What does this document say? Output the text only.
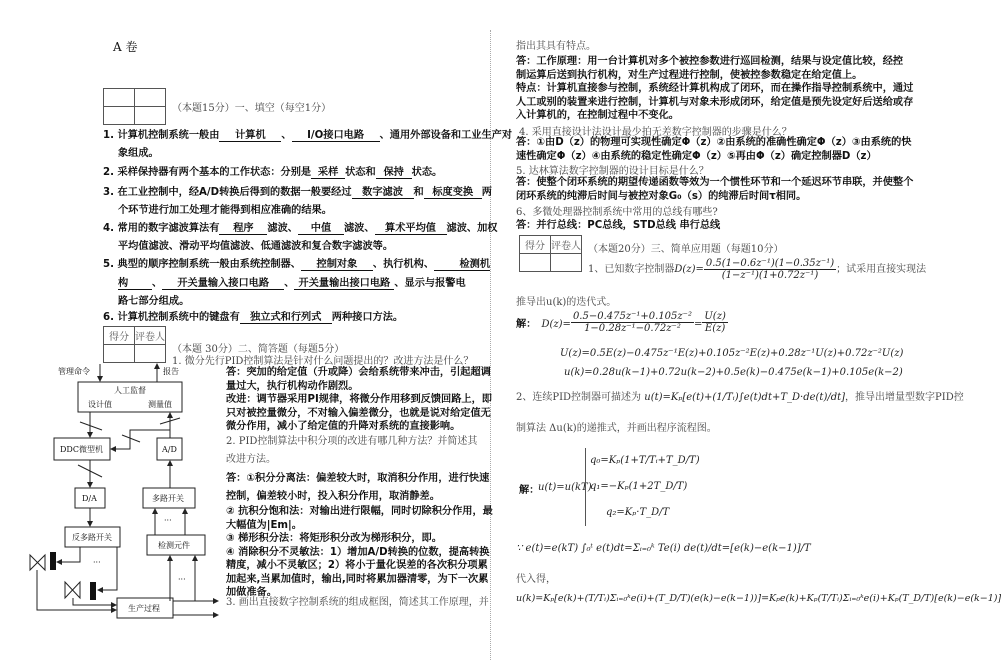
A 卷

（本题15分）一、填空（每空1分）
1. 计算机控制系统一般由 计算机 、 I/O接口电路 、通用外部设备和工业生产对
象组成。
2. 采样保持器有两个基本的工作状态：分别是 采样 状态和 保持 状态。
3. 在工业控制中，经A/D转换后得到的数据一般要经过 数字滤波 和 标度变换 两
个环节进行加工处理才能得到相应准确的结果。
4. 常用的数字滤波算法有 程序 滤波、 中值 滤波、 算术平均值 滤波、加权
平均值滤波、滑动平均值滤波、低通滤波和复合数字滤波等。
5. 典型的顺序控制系统一般由系统控制器、 控制对象 、执行机构、 检测机
构 、 开关量输入接口电路 、 开关量输出接口电路 、显示与报警电
路七部分组成。
6. 计算机控制系统中的键盘有 独立式和行列式 两种接口方法。
得分	评卷人

（本题 30分）二、简答题（每题5分）
1. 微分先行PID控制算法是针对什么问题提出的？改进方法是什么？
答：突加的给定值（升或降）会给系统带来冲击，引起超调
量过大，执行机构动作剧烈。
改进：调节器采用PI规律，将微分作用移到反馈回路上，即
只对被控量微分，不对输入偏差微分，也就是说对给定值无
微分作用，减小了给定值的升降对系统的直接影响。
2. PID控制算法中积分项的改进有哪几种方法？并简述其
改进方法。
答：①积分分离法：偏差较大时，取消积分作用，进行快速
控制，偏差较小时，投入积分作用，取消静差。
② 抗积分饱和法：对输出进行限幅，同时切除积分作用，最
大幅值为|Em|。
③ 梯形积分法：将矩形积分改为梯形积分，即。
④ 消除积分不灵敏法：1）增加A/D转换的位数，提高转换
精度，减小不灵敏区；2）将小于量化误差的各次积分项累
加起来,当累加值时，输出,同时将累加器清零，为下一次累
加做准备。
3. 画出直接数字控制系统的组成框图，简述其工作原理，并
管理命令	报告
人工监督
设计值	测量值
DDC微型机	A/D
D/A	多路开关
反多路开关
检测元件
生产过程
···
···
···
指出其具有特点。
答：工作原理：用一台计算机对多个被控参数进行巡回检测，结果与设定值比较，经控
制运算后送到执行机构，对生产过程进行控制，使被控参数稳定在给定值上。
特点：计算机直接参与控制，系统经计算机构成了闭环，而在操作指导控制系统中，通过
人工或别的装置来进行控制，计算机与对象未形成闭环，给定值是预先设定好后送给或存
入计算机的，在控制过程中不变化。
4. 采用直接设计法设计最少拍无差数字控制器的步骤是什么？
答：①由D（z）的物理可实现性确定Φ（z）②由系统的准确性确定Φ（z）③由系统的快
速性确定Φ（z）④由系统的稳定性确定Φ（z）⑤再由Φ（z）确定控制器D（z）
5. 达林算法数字控制器的设计目标是什么？
答：使整个闭环系统的期望传递函数等效为一个惯性环节和一个延迟环节串联，并使整个
闭环系统的纯滞后时间与被控对象G₀（s）的纯滞后时间τ相同。
6、多微处理器控制系统中常用的总线有哪些?
答：并行总线：PC总线，STD总线 串行总线
得分	评卷人
	（本题20分）三、简单应用题（每题10分）
1、已知数字控制器$D(z)= \frac{\text{0.5(1−0.6z⁻¹)(1−0.35z⁻¹)}}{\text{(1−z⁻¹)(1+0.72z⁻¹)}}$ ；试采用直接实现法
推导出u(k)的迭代式。
解： $D(z)= \frac{\text{0.5−0.475z⁻¹+0.105z⁻²}}{\text{1−0.28z⁻¹−0.72z⁻²}} = \frac{U(z)}{E(z)}$
U(z)=0.5E(z)−0.475z⁻¹E(z)+0.105z⁻²E(z)+0.28z⁻¹U(z)+0.72z⁻²U(z)
u(k)=0.28u(k−1)+0.72u(k−2)+0.5e(k)−0.475e(k−1)+0.105e(k−2)
2、连续PID控制器可描述为 u(t)=Kₚ[e(t)+(1/Tᵢ)∫e(t)dt+T_D·de(t)/dt]，推导出增量型数字PID控
制算法 Δu(k)的递推式，并画出程序流程图。
解：
u(t)=u(kT)
q₀=Kₚ(1+T/Tᵢ+T_D/T)
q₁=−Kₚ(1+2T_D/T)
q₂=Kₚ·T_D/T
∵ e(t)=e(kT) ∫₀ᵗ e(t)dt=Σᵢ₌₀ᵏ Te(i) de(t)/dt=[e(k)−e(k−1)]/T
代入得，
u(k)=Kₚ[e(k)+(T/Tᵢ)Σᵢ₌₀ᵏe(i)+(T_D/T)(e(k)−e(k−1))]=Kₚe(k)+Kₚ(T/Tᵢ)Σᵢ₌₀ᵏe(i)+Kₚ(T_D/T)[e(k)−e(k−1)]
